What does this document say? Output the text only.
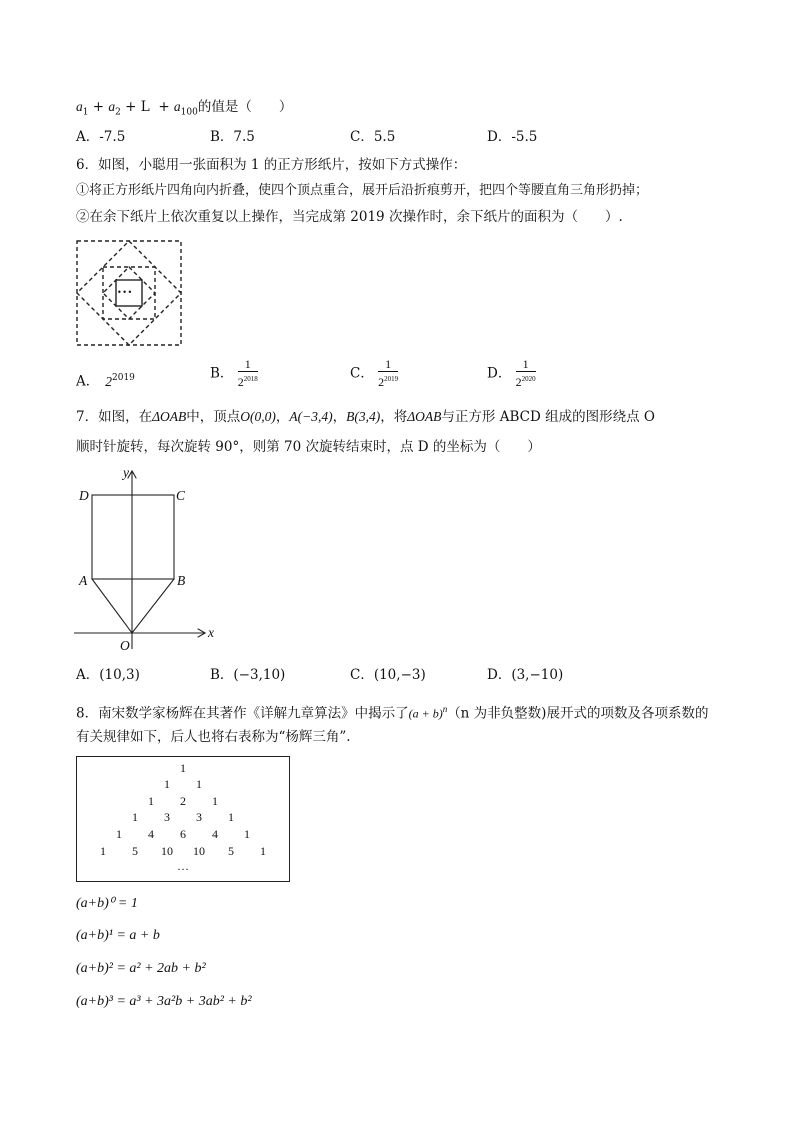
$a_1 + a_2 + L + a_{100}$的值是（　　）
A．-7.5	B．7.5	C．5.5	D．-5.5
6．如图，小聪用一张面积为 1 的正方形纸片，按如下方式操作：
①将正方形纸片四角向内折叠，使四个顶点重合，展开后沿折痕剪开，把四个等腰直角三角形扔掉；
②在余下纸片上依次重复以上操作，当完成第 2019 次操作时，余下纸片的面积为（　　）.
• • •
A． $2^{2019}$	B． $\frac{1}{2^{2018}}$	C． $\frac{1}{2^{2019}}$	D． $\frac{1}{2^{2020}}$
7．如图，在ΔOAB中，顶点O(0,0)，A(−3,4)，B(3,4)，将ΔOAB与正方形 ABCD 组成的图形绕点 O
顺时针旋转，每次旋转 90°，则第 70 次旋转结束时，点 D 的坐标为（　　）
D	C
A	B
O
x
y
A．(10,3)	B．(−3,10)	C．(10,−3)	D．(3,−10)
8．南宋数学家杨辉在其著作《详解九章算法》中揭示了$(a + b)^n(n$ 为非负整数)展开式的项数及各项系数的
有关规律如下，后人也将右表称为“杨辉三角”.
1
1 1
1 2 1
1 3 3 1
1 4 6 4 1
1 5 10 10 5 1
…
(a+b)⁰ = 1
(a+b)¹ = a + b
(a+b)² = a² + 2ab + b²
(a+b)³ = a³ + 3a²b + 3ab² + b²
